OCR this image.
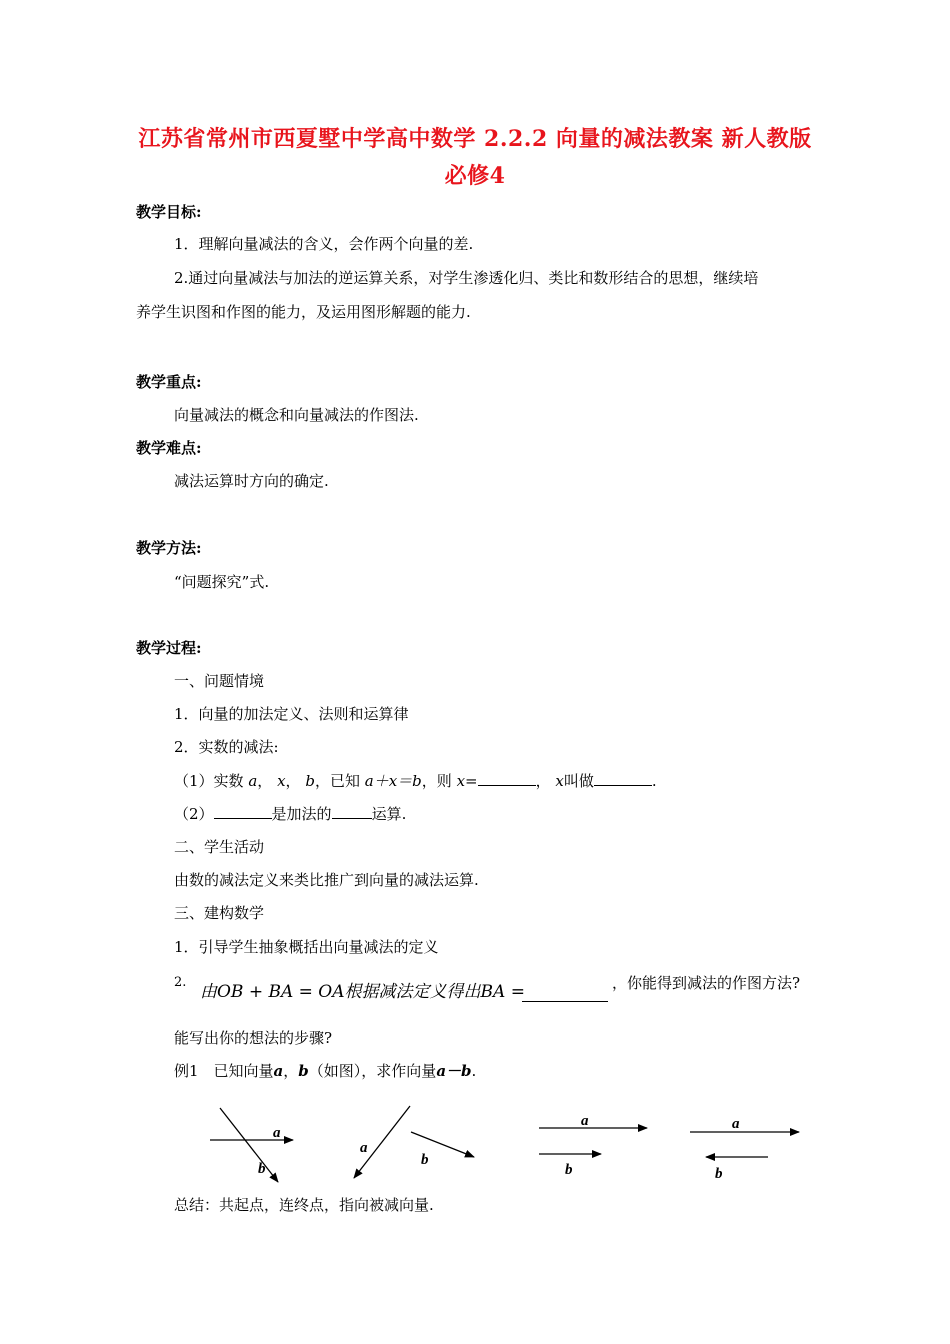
江苏省常州市西夏墅中学高中数学 2.2.2 向量的减法教案 新人教版
必修4
教学目标:
1．理解向量减法的含义，会作两个向量的差.
2.通过向量减法与加法的逆运算关系，对学生渗透化归、类比和数形结合的思想，继续培
养学生识图和作图的能力，及运用图形解题的能力.
教学重点:
向量减法的概念和向量减法的作图法.
教学难点:
减法运算时方向的确定.
教学方法:
“问题探究”式.
教学过程:
一、问题情境
1．向量的加法定义、法则和运算律
2．实数的减法:
（1）实数 a， x， b，已知 a＋x＝b，则 x=	， x叫做	.
（2）	是加法的	运算.
二、学生活动
由数的减法定义来类比推广到向量的减法运算.
三、建构数学
1．引导学生抽象概括出向量减法的定义
2. 由OB + BA = OA根据减法定义得出BA =	，你能得到减法的作图方法?
能写出你的想法的步骤?
例1　已知向量a，b（如图），求作向量a－b.
a
b
a
b
a
b
a
b
总结：共起点，连终点，指向被减向量.
